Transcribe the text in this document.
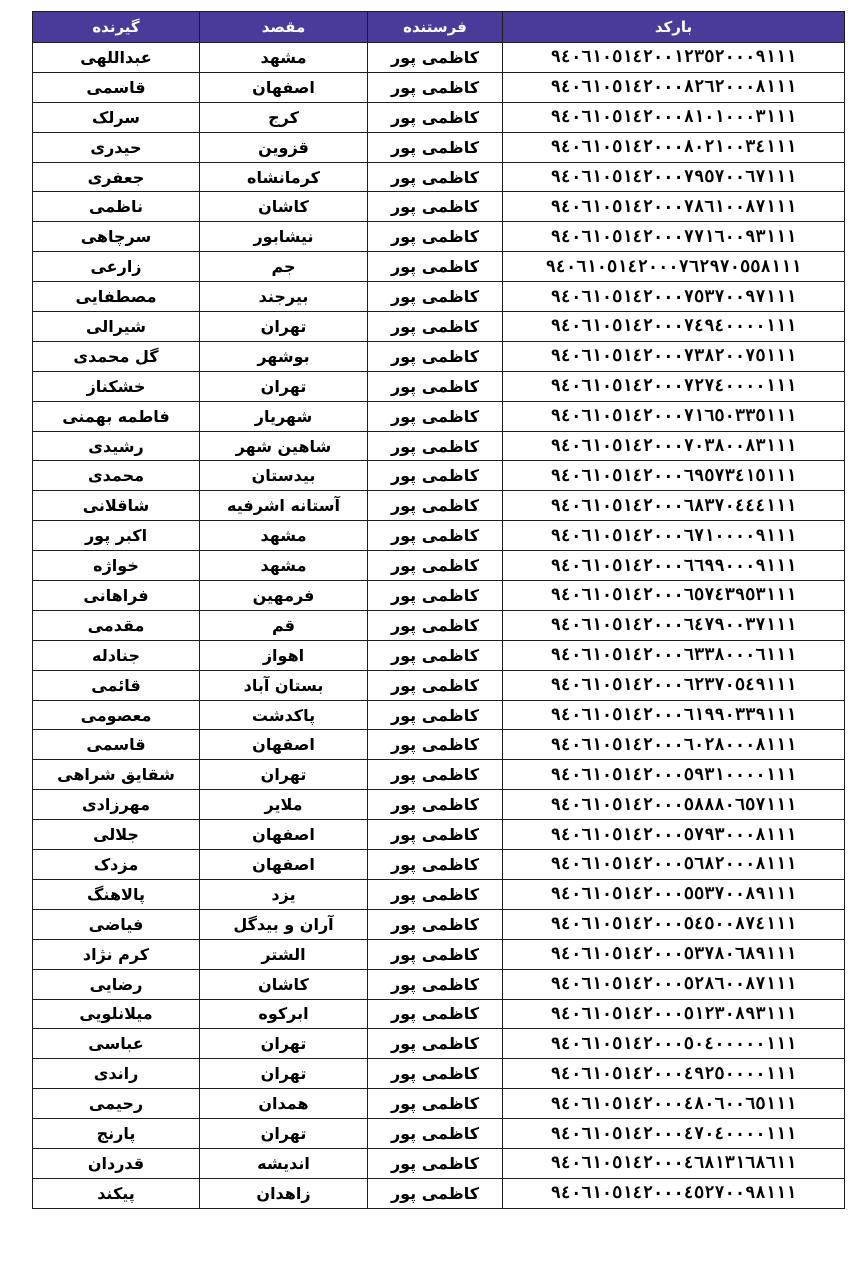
بارکد	فرستنده	مقصد	گیرنده
۹٤۰٦۱۰٥۱٤۲۰۰۱۲۳٥۲۰۰۰۹۱۱۱	کاظمی پور	مشهد	عبداللهی
۹٤۰٦۱۰٥۱٤۲۰۰۰۸۲٦۲۰۰۰۸۱۱۱	کاظمی پور	اصفهان	قاسمی
۹٤۰٦۱۰٥۱٤۲۰۰۰۸۱۰۱۰۰۰۳۱۱۱	کاظمی پور	کرج	سرلک
۹٤۰٦۱۰٥۱٤۲۰۰۰۸۰۲۱۰۰۳٤۱۱۱	کاظمی پور	قزوین	حیدری
۹٤۰٦۱۰٥۱٤۲۰۰۰۷۹٥۷۰۰٦۷۱۱۱	کاظمی پور	کرمانشاه	جعفری
۹٤۰٦۱۰٥۱٤۲۰۰۰۷۸٦۱۰۰۸۷۱۱۱	کاظمی پور	کاشان	ناظمی
۹٤۰٦۱۰٥۱٤۲۰۰۰۷۷۱٦۰۰۹۳۱۱۱	کاظمی پور	نیشابور	سرچاهی
۹٤۰٦۱۰٥۱٤۲۰۰۰۷٦۲۹۷۰٥٥۸۱۱۱	کاظمی پور	جم	زارعی
۹٤۰٦۱۰٥۱٤۲۰۰۰۷٥۳۷۰۰۹۷۱۱۱	کاظمی پور	بیرجند	مصطفایی
۹٤۰٦۱۰٥۱٤۲۰۰۰۷٤۹٤۰۰۰۰۱۱۱	کاظمی پور	تهران	شیرالی
۹٤۰٦۱۰٥۱٤۲۰۰۰۷۳۸۲۰۰۷٥۱۱۱	کاظمی پور	بوشهر	گل محمدی
۹٤۰٦۱۰٥۱٤۲۰۰۰۷۲۷٤۰۰۰۰۱۱۱	کاظمی پور	تهران	خشکناز
۹٤۰٦۱۰٥۱٤۲۰۰۰۷۱٦٥۰۳۳٥۱۱۱	کاظمی پور	شهریار	فاطمه بهمنی
۹٤۰٦۱۰٥۱٤۲۰۰۰۷۰۳۸۰۰۸۳۱۱۱	کاظمی پور	شاهین شهر	رشیدی
۹٤۰٦۱۰٥۱٤۲۰۰۰٦۹٥۷۳٤۱٥۱۱۱	کاظمی پور	بیدستان	محمدی
۹٤۰٦۱۰٥۱٤۲۰۰۰٦۸۳۷۰٤٤٤۱۱۱	کاظمی پور	آستانه اشرفیه	شاقلانی
۹٤۰٦۱۰٥۱٤۲۰۰۰٦۷۱۰۰۰۰۹۱۱۱	کاظمی پور	مشهد	اکبر پور
۹٤۰٦۱۰٥۱٤۲۰۰۰٦٦۹۹۰۰۰۹۱۱۱	کاظمی پور	مشهد	خواژه
۹٤۰٦۱۰٥۱٤۲۰۰۰٦٥۷٤۳۹٥۳۱۱۱	کاظمی پور	فرمهین	فراهانی
۹٤۰٦۱۰٥۱٤۲۰۰۰٦٤۷۹۰۰۳۷۱۱۱	کاظمی پور	قم	مقدمی
۹٤۰٦۱۰٥۱٤۲۰۰۰٦۳۳۸۰۰۰٦۱۱۱	کاظمی پور	اهواز	جنادله
۹٤۰٦۱۰٥۱٤۲۰۰۰٦۲۳۷۰٥٤۹۱۱۱	کاظمی پور	بستان آباد	قائمی
۹٤۰٦۱۰٥۱٤۲۰۰۰٦۱۹۹۰۳۳۹۱۱۱	کاظمی پور	پاکدشت	معصومی
۹٤۰٦۱۰٥۱٤۲۰۰۰٦۰۲۸۰۰۰۸۱۱۱	کاظمی پور	اصفهان	قاسمی
۹٤۰٦۱۰٥۱٤۲۰۰۰٥۹۳۱۰۰۰۰۱۱۱	کاظمی پور	تهران	شقایق شراهی
۹٤۰٦۱۰٥۱٤۲۰۰۰٥۸۸۸۰٦٥۷۱۱۱	کاظمی پور	ملایر	مهرزادی
۹٤۰٦۱۰٥۱٤۲۰۰۰٥۷۹۳۰۰۰۸۱۱۱	کاظمی پور	اصفهان	جلالی
۹٤۰٦۱۰٥۱٤۲۰۰۰٥٦۸۲۰۰۰۸۱۱۱	کاظمی پور	اصفهان	مزدک
۹٤۰٦۱۰٥۱٤۲۰۰۰٥٥۳۷۰۰۸۹۱۱۱	کاظمی پور	یزد	پالاهنگ
۹٤۰٦۱۰٥۱٤۲۰۰۰٥٤٥۰۰۸۷٤۱۱۱	کاظمی پور	آران و بیدگل	فیاضی
۹٤۰٦۱۰٥۱٤۲۰۰۰٥۳۷۸۰٦۸۹۱۱۱	کاظمی پور	الشتر	کرم نژاد
۹٤۰٦۱۰٥۱٤۲۰۰۰٥۲۸٦۰۰۸۷۱۱۱	کاظمی پور	کاشان	رضایی
۹٤۰٦۱۰٥۱٤۲۰۰۰٥۱۲۳۰۸۹۳۱۱۱	کاظمی پور	ابرکوه	میلانلویی
۹٤۰٦۱۰٥۱٤۲۰۰۰٥۰٤۰۰۰۰۰۱۱۱	کاظمی پور	تهران	عباسی
۹٤۰٦۱۰٥۱٤۲۰۰۰٤۹۲٥۰۰۰۰۱۱۱	کاظمی پور	تهران	راندی
۹٤۰٦۱۰٥۱٤۲۰۰۰٤۸۰٦۰۰٦٥۱۱۱	کاظمی پور	همدان	رحیمی
۹٤۰٦۱۰٥۱٤۲۰۰۰٤۷۰٤۰۰۰۰۱۱۱	کاظمی پور	تهران	پارنج
۹٤۰٦۱۰٥۱٤۲۰۰۰٤٦۸۱۳۱٦۸٦۱۱	کاظمی پور	اندیشه	قدردان
۹٤۰٦۱۰٥۱٤۲۰۰۰٤٥۲۷۰۰۹۸۱۱۱	کاظمی پور	زاهدان	پیکند
